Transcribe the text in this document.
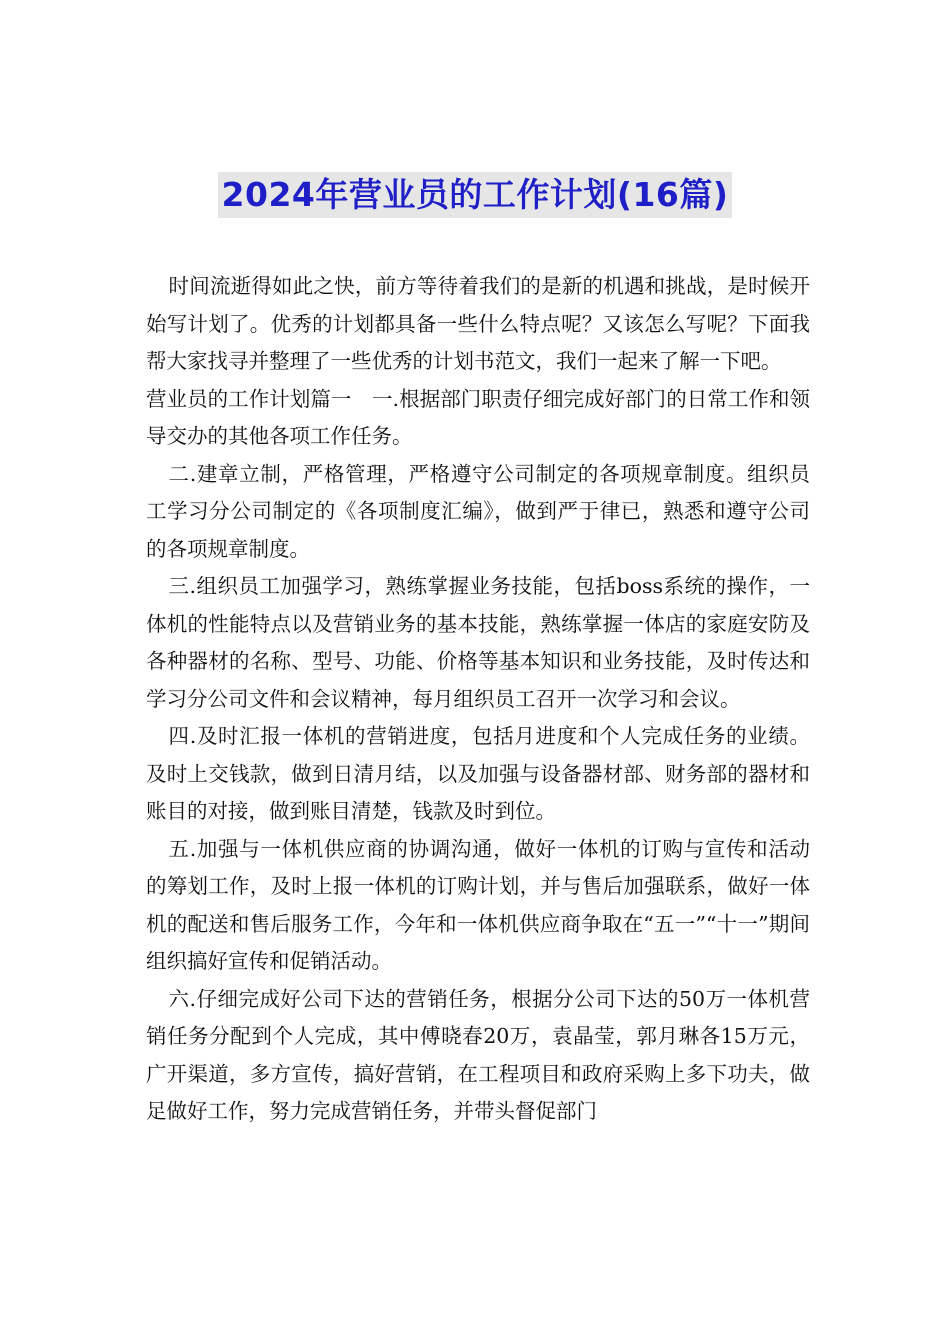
2024年营业员的工作计划(16篇)

时间流逝得如此之快，前方等待着我们的是新的机遇和挑战，是时候开始写计划了。优秀的计划都具备一些什么特点呢？又该怎么写呢？下面我帮大家找寻并整理了一些优秀的计划书范文，我们一起来了解一下吧。

营业员的工作计划篇一　一.根据部门职责仔细完成好部门的日常工作和领导交办的其他各项工作任务。

二.建章立制，严格管理，严格遵守公司制定的各项规章制度。组织员工学习分公司制定的《各项制度汇编》，做到严于律已，熟悉和遵守公司的各项规章制度。

三.组织员工加强学习，熟练掌握业务技能，包括boss系统的操作，一体机的性能特点以及营销业务的基本技能，熟练掌握一体店的家庭安防及各种器材的名称、型号、功能、价格等基本知识和业务技能，及时传达和学习分公司文件和会议精神，每月组织员工召开一次学习和会议。

四.及时汇报一体机的营销进度，包括月进度和个人完成任务的业绩。及时上交钱款，做到日清月结，以及加强与设备器材部、财务部的器材和账目的对接，做到账目清楚，钱款及时到位。

五.加强与一体机供应商的协调沟通，做好一体机的订购与宣传和活动的筹划工作，及时上报一体机的订购计划，并与售后加强联系，做好一体机的配送和售后服务工作，今年和一体机供应商争取在“五一”“十一”期间组织搞好宣传和促销活动。

六.仔细完成好公司下达的营销任务，根据分公司下达的50万一体机营销任务分配到个人完成，其中傅晓春20万，袁晶莹，郭月琳各15万元，广开渠道，多方宣传，搞好营销，在工程项目和政府采购上多下功夫，做足做好工作，努力完成营销任务，并带头督促部门
